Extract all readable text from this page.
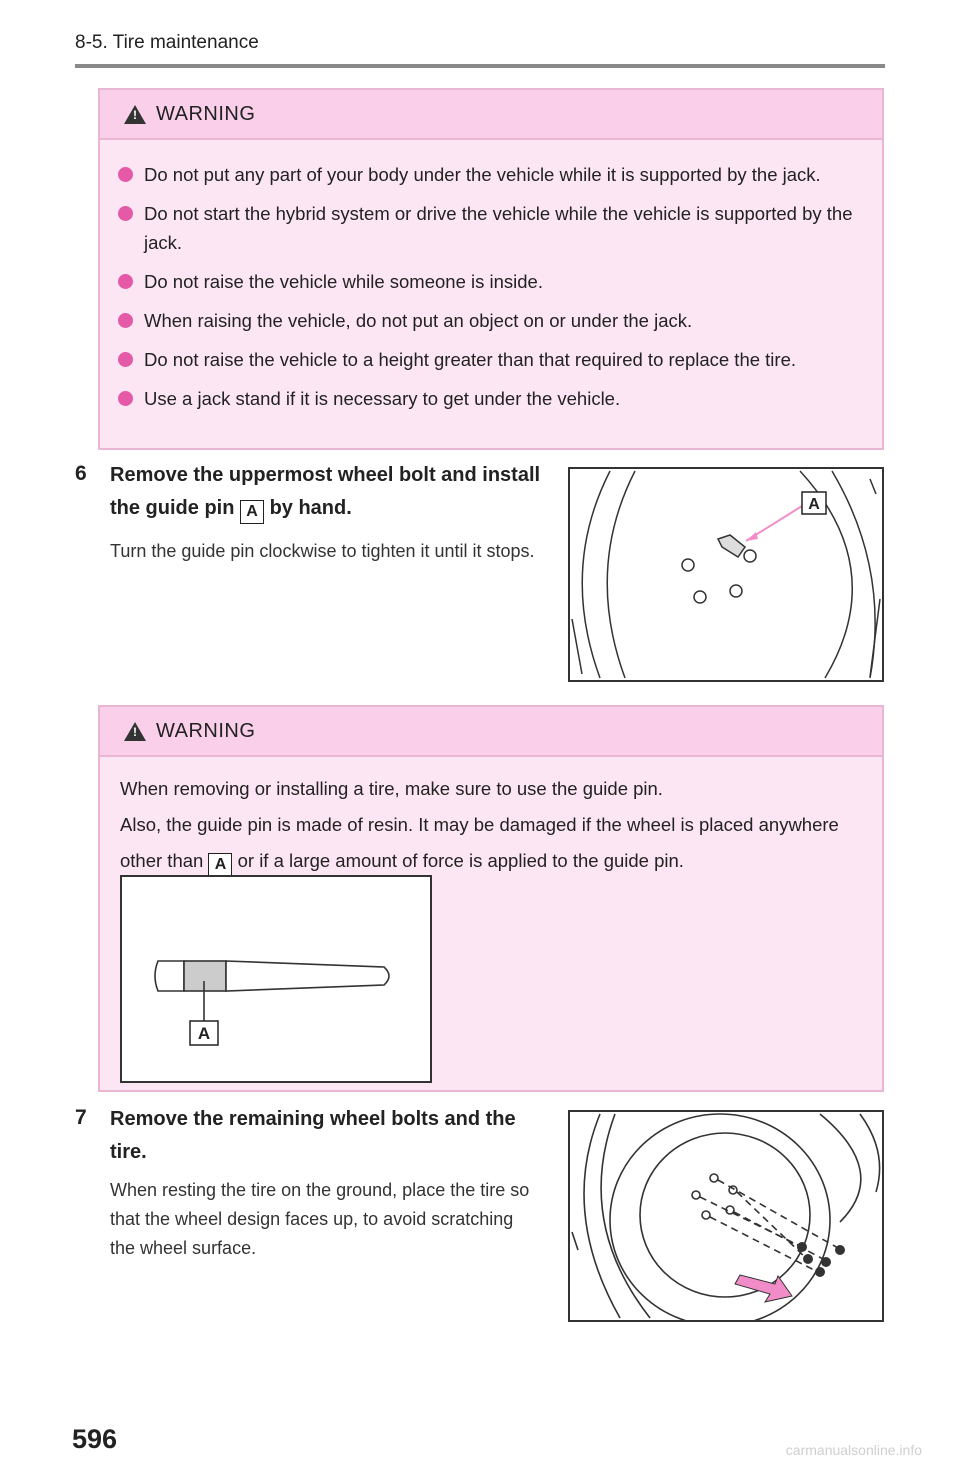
8-5. Tire maintenance
!
WARNING
Do not put any part of your body under the vehicle while it is supported by the jack.
Do not start the hybrid system or drive the vehicle while the vehicle is supported by the jack.
Do not raise the vehicle while someone is inside.
When raising the vehicle, do not put an object on or under the jack.
Do not raise the vehicle to a height greater than that required to replace the tire.
Use a jack stand if it is necessary to get under the vehicle.
6 Remove the uppermost wheel bolt and install the guide pin A by hand.
Turn the guide pin clockwise to tighten it until it stops.
A
!
WARNING
When removing or installing a tire, make sure to use the guide pin.
Also, the guide pin is made of resin. It may be damaged if the wheel is placed anywhere other than A or if a large amount of force is applied to the guide pin.
A
7 Remove the remaining wheel bolts and the tire.
When resting the tire on the ground, place the tire so that the wheel design faces up, to avoid scratching the wheel surface.
596	carmanualsonline.info
